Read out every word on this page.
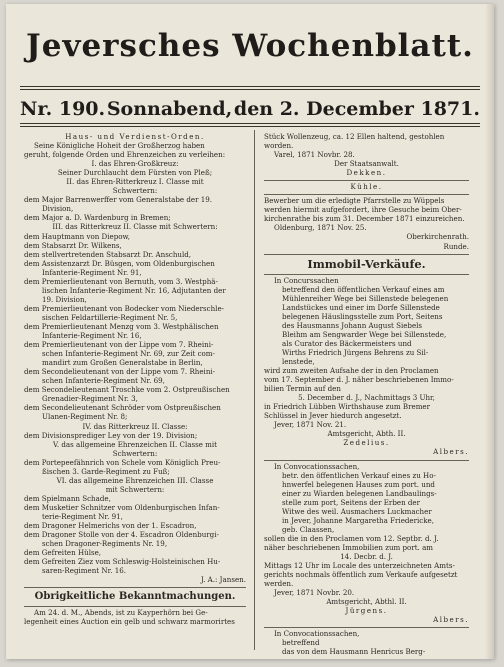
Jeversches Wochenblatt.
Nr. 190. Sonnabend, den 2. December 1871.
Haus- und Verdienst-Orden.
Seine Königliche Hoheit der Großherzog haben
geruht, folgende Orden und Ehrenzeichen zu verleihen:
I. das Ehren-Großkreuz:
Seiner Durchlaucht dem Fürsten von Pleß;
II. das Ehren-Ritterkreuz I. Classe mit
Schwertern:
dem Major Barrenwerffer vom Generalstabe der 19.
Division,
dem Major a. D. Wardenburg in Bremen;
III. das Ritterkreuz II. Classe mit Schwertern:
dem Hauptmann von Diepow,
dem Stabsarzt Dr. Wilkens,
dem stellvertretenden Stabsarzt Dr. Anschuld,
dem Assistenzarzt Dr. Büsgen, vom Oldenburgischen
Infanterie-Regiment Nr. 91,
dem Premierlieutenant von Bernuth, vom 3. Westphä-
lischen Infanterie-Regiment Nr. 16, Adjutanten der
19. Division,
dem Premierlieutenant von Bodecker vom Niederschle-
sischen Feldartillerie-Regiment Nr. 5,
dem Premierlieutenant Menzg vom 3. Westphälischen
Infanterie-Regiment Nr. 16,
dem Premierlieutenant von der Lippe vom 7. Rheini-
schen Infanterie-Regiment Nr. 69, zur Zeit com-
mandirt zum Großen Generalstabe in Berlin,
dem Secondelieutenant von der Lippe vom 7. Rheini-
schen Infanterie-Regiment Nr. 69,
dem Secondelieutenant Troschke vom 2. Ostpreußischen
Grenadier-Regiment Nr. 3,
dem Secondelieutenant Schröder vom Ostpreußischen
Ulanen-Regiment Nr. 8;
IV. das Ritterkreuz II. Classe:
dem Divisionsprediger Ley von der 19. Division;
V. das allgemeine Ehrenzeichen II. Classe mit
Schwertern:
dem Portepeefähnrich von Schele vom Königlich Preu-
ßischen 3. Garde-Regiment zu Fuß;
VI. das allgemeine Ehrenzeichen III. Classe
mit Schwertern:
dem Spielmann Schade,
dem Musketier Schnitzer vom Oldenburgischen Infan-
terie-Regiment Nr. 91,
dem Dragoner Helmerichs von der 1. Escadron,
dem Dragoner Stolle von der 4. Escadron Oldenburgi-
schen Dragoner-Regiments Nr. 19,
dem Gefreiten Hülse,
dem Gefreiten Ziez vom Schleswig-Holsteinischen Hu-
saren-Regiment Nr. 16.
J. A.: Jansen.
Obrigkeitliche Bekanntmachungen.
Am 24. d. M., Abends, ist zu Kayperhörn bei Ge-
legenheit eines Auction ein gelb und schwarz marmorirtes
Stück Wollenzeug, ca. 12 Ellen haltend, gestohlen
worden.
Varel, 1871 Novbr. 28.
Der Staatsanwalt.
Dekken.
Kühle.
Bewerber um die erledigte Pfarrstelle zu Wüppels
werden hiermit aufgefordert, ihre Gesuche beim Ober-
kirchenrathe bis zum 31. December 1871 einzureichen.
Oldenburg, 1871 Nov. 25.
Oberkirchenrath.
Runde.
Immobil-Verkäufe.
In Concurssachen
betreffend den öffentlichen Verkauf eines am
Mühlenreiher Wege bei Sillenstede belegenen
Landstückes und einer im Dorfe Sillenstede
belegenen Häuslingsstelle zum Port, Seitens
des Hausmanns Johann August Siebels
Bleihm am Sengwarder Wege bei Sillenstede,
als Curator des Bäckermeisters und
Wirths Friedrich Jürgens Behrens zu Sil-
lenstede,
wird zum zweiten Aufsahe der in den Proclamen
vom 17. September d. J. näher beschriebenen Immo-
bilien Termin auf den
5. December d. J., Nachmittags 3 Uhr,
in Friedrich Lübben Wirthshause zum Bremer
Schlüssel in Jever hiedurch angesetzt.
Jever, 1871 Nov. 21.
Amtsgericht, Abth. II.
Zedelius.
Albers.
In Convocationssachen,
betr. den öffentlichen Verkauf eines zu Ho-
hnwerfel belegenen Hauses zum port. und
einer zu Wiarden belegenen Landbaulings-
stelle zum port, Seitens der Erben der
Witwe des weil. Ausmachers Luckmacher
in Jever, Johanne Margaretha Friedericke,
geb. Claassen,
sollen die in den Proclamen vom 12. Septbr. d. J.
näher beschriebenen Immobilien zum port. am
14. Decbr. d. J.
Mittags 12 Uhr im Locale des unterzeichneten Amts-
gerichts nochmals öffentlich zum Verkaufe aufgesetzt
werden.
Jever, 1871 Novbr. 20.
Amtsgericht, Abthl. II.
Jürgens.
Albers.
In Convocationssachen,
betreffend
das von dem Hausmann Henricus Berg-
